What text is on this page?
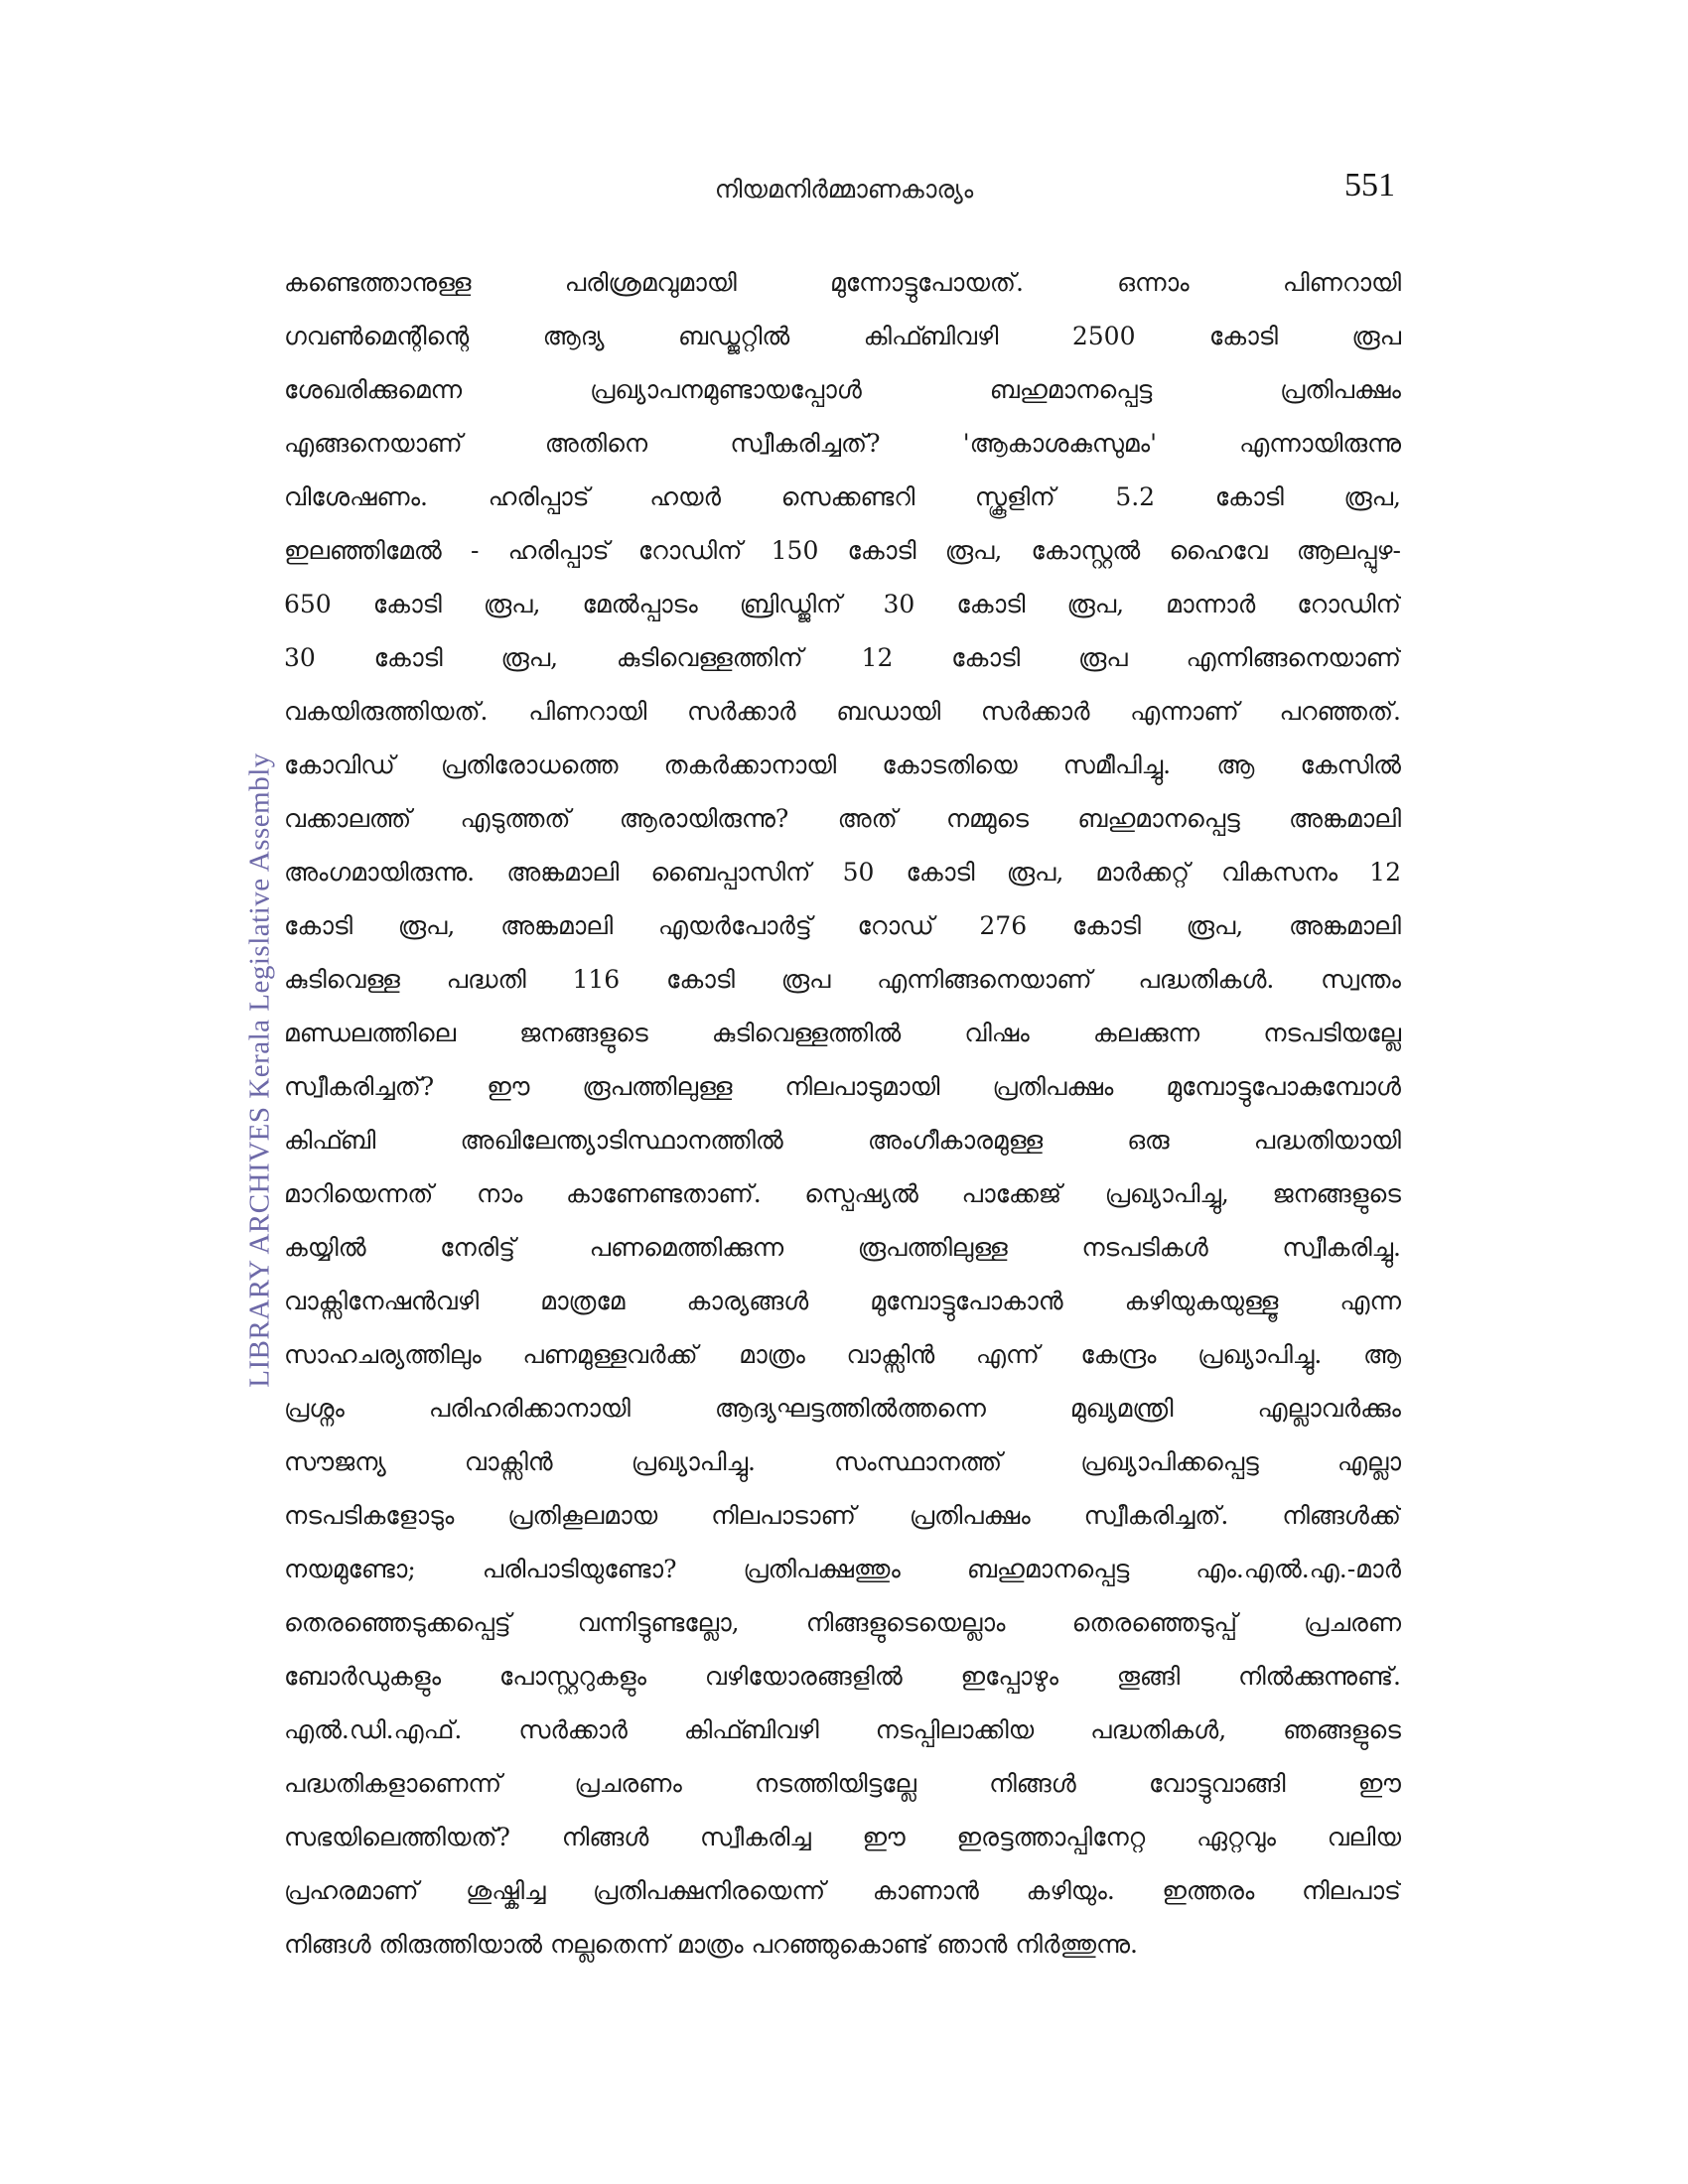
നിയമനിർമ്മാണകാര്യം	551
LIBRARY ARCHIVES Kerala Legislative Assembly
കണ്ടെത്താനുള്ള പരിശ്രമവുമായി മുന്നോട്ടുപോയത്. ഒന്നാം പിണറായി
ഗവൺമെന്റിന്റെ ആദ്യ ബഡ്ജറ്റിൽ കിഫ്ബിവഴി 2500 കോടി രൂപ
ശേഖരിക്കുമെന്ന പ്രഖ്യാപനമുണ്ടായപ്പോൾ ബഹുമാനപ്പെട്ട പ്രതിപക്ഷം
എങ്ങനെയാണ് അതിനെ സ്വീകരിച്ചത്? 'ആകാശകുസുമം' എന്നായിരുന്നു
വിശേഷണം. ഹരിപ്പാട് ഹയർ സെക്കണ്ടറി സ്കൂളിന് 5.2 കോടി രൂപ,
ഇലഞ്ഞിമേൽ - ഹരിപ്പാട് റോഡിന് 150 കോടി രൂപ, കോസ്റ്റൽ ഹൈവേ ആലപ്പുഴ-
650 കോടി രൂപ, മേൽപ്പാടം ബ്രിഡ്ജിന് 30 കോടി രൂപ, മാന്നാർ റോഡിന്
30 കോടി രൂപ, കുടിവെള്ളത്തിന് 12 കോടി രൂപ എന്നിങ്ങനെയാണ്
വകയിരുത്തിയത്. പിണറായി സർക്കാർ ബഡായി സർക്കാർ എന്നാണ് പറഞ്ഞത്.
കോവിഡ് പ്രതിരോധത്തെ തകർക്കാനായി കോടതിയെ സമീപിച്ചു. ആ കേസിൽ
വക്കാലത്ത് എടുത്തത് ആരായിരുന്നു? അത് നമ്മുടെ ബഹുമാനപ്പെട്ട അങ്കമാലി
അംഗമായിരുന്നു. അങ്കമാലി ബൈപ്പാസിന് 50 കോടി രൂപ, മാർക്കറ്റ് വികസനം 12
കോടി രൂപ, അങ്കമാലി എയർപോർട്ട് റോഡ് 276 കോടി രൂപ, അങ്കമാലി
കുടിവെള്ള പദ്ധതി 116 കോടി രൂപ എന്നിങ്ങനെയാണ് പദ്ധതികൾ. സ്വന്തം
മണ്ഡലത്തിലെ ജനങ്ങളുടെ കുടിവെള്ളത്തിൽ വിഷം കലക്കുന്ന നടപടിയല്ലേ
സ്വീകരിച്ചത്? ഈ രൂപത്തിലുള്ള നിലപാടുമായി പ്രതിപക്ഷം മുമ്പോട്ടുപോകുമ്പോൾ
കിഫ്ബി അഖിലേന്ത്യാടിസ്ഥാനത്തിൽ അംഗീകാരമുള്ള ഒരു പദ്ധതിയായി
മാറിയെന്നത് നാം കാണേണ്ടതാണ്. സ്പെഷ്യൽ പാക്കേജ് പ്രഖ്യാപിച്ചു, ജനങ്ങളുടെ
കയ്യിൽ നേരിട്ട് പണമെത്തിക്കുന്ന രൂപത്തിലുള്ള നടപടികൾ സ്വീകരിച്ചു.
വാക്സിനേഷൻവഴി മാത്രമേ കാര്യങ്ങൾ മുമ്പോട്ടുപോകാൻ കഴിയുകയുള്ളൂ എന്ന
സാഹചര്യത്തിലും പണമുള്ളവർക്ക് മാത്രം വാക്സിൻ എന്ന് കേന്ദ്രം പ്രഖ്യാപിച്ചു. ആ
പ്രശ്നം പരിഹരിക്കാനായി ആദ്യഘട്ടത്തിൽത്തന്നെ മുഖ്യമന്ത്രി എല്ലാവർക്കും
സൗജന്യ വാക്സിൻ പ്രഖ്യാപിച്ചു. സംസ്ഥാനത്ത് പ്രഖ്യാപിക്കപ്പെട്ട എല്ലാ
നടപടികളോടും പ്രതികൂലമായ നിലപാടാണ് പ്രതിപക്ഷം സ്വീകരിച്ചത്. നിങ്ങൾക്ക്
നയമുണ്ടോ; പരിപാടിയുണ്ടോ? പ്രതിപക്ഷത്തും ബഹുമാനപ്പെട്ട എം.എൽ.എ.-മാർ
തെരഞ്ഞെടുക്കപ്പെട്ട് വന്നിട്ടുണ്ടല്ലോ, നിങ്ങളുടെയെല്ലാം തെരഞ്ഞെടുപ്പ് പ്രചരണ
ബോർഡുകളും പോസ്റ്ററുകളും വഴിയോരങ്ങളിൽ ഇപ്പോഴും തൂങ്ങി നിൽക്കുന്നുണ്ട്.
എൽ.ഡി.എഫ്. സർക്കാർ കിഫ്ബിവഴി നടപ്പിലാക്കിയ പദ്ധതികൾ, ഞങ്ങളുടെ
പദ്ധതികളാണെന്ന് പ്രചരണം നടത്തിയിട്ടല്ലേ നിങ്ങൾ വോട്ടുവാങ്ങി ഈ
സഭയിലെത്തിയത്? നിങ്ങൾ സ്വീകരിച്ച ഈ ഇരട്ടത്താപ്പിനേറ്റ ഏറ്റവും വലിയ
പ്രഹരമാണ് ശുഷ്കിച്ച പ്രതിപക്ഷനിരയെന്ന് കാണാൻ കഴിയും. ഇത്തരം നിലപാട്
നിങ്ങൾ തിരുത്തിയാൽ നല്ലതെന്ന് മാത്രം പറഞ്ഞുകൊണ്ട് ഞാൻ നിർത്തുന്നു.
